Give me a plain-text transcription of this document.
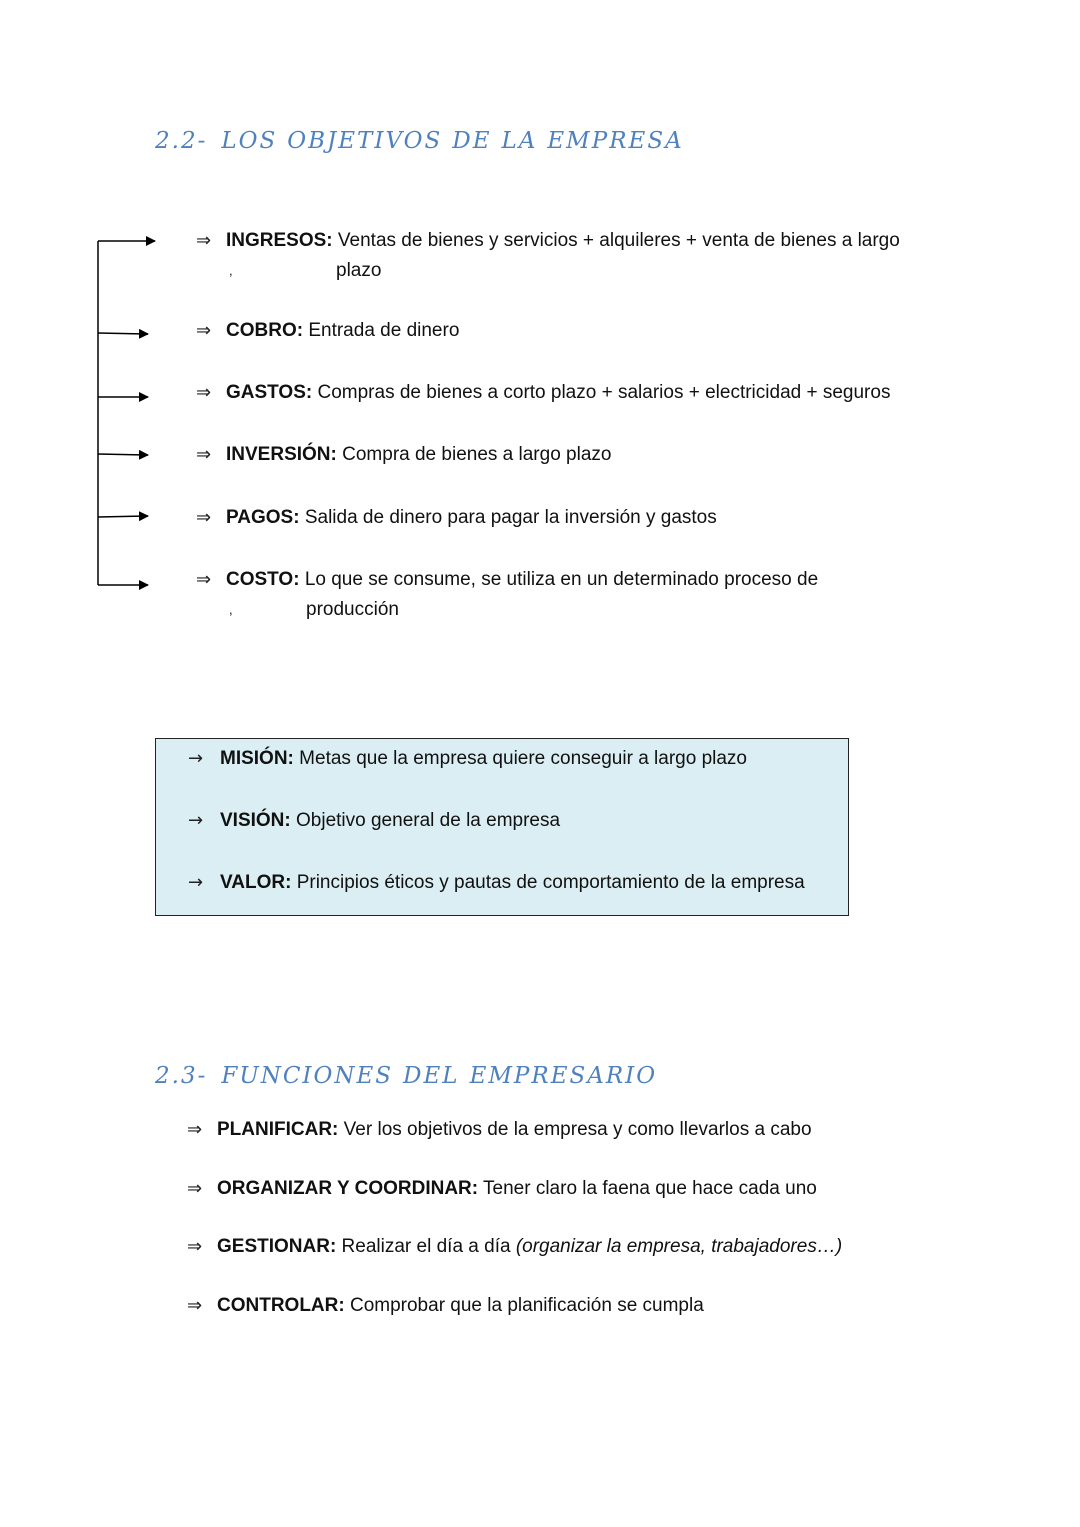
2.2- LOS OBJETIVOS DE LA EMPRESA
⇒ INGRESOS: Ventas de bienes y servicios + alquileres + venta de bienes a largo
,	plazo
⇒ COBRO: Entrada de dinero
⇒ GASTOS: Compras de bienes a corto plazo + salarios + electricidad + seguros
⇒ INVERSIÓN: Compra de bienes a largo plazo
⇒ PAGOS: Salida de dinero para pagar la inversión y gastos
⇒ COSTO: Lo que se consume, se utiliza en un determinado proceso de
,	producción
→ MISIÓN: Metas que la empresa quiere conseguir a largo plazo
→ VISIÓN: Objetivo general de la empresa
→ VALOR: Principios éticos y pautas de comportamiento de la empresa
2.3- FUNCIONES DEL EMPRESARIO
⇒ PLANIFICAR: Ver los objetivos de la empresa y como llevarlos a cabo
⇒ ORGANIZAR Y COORDINAR: Tener claro la faena que hace cada uno
⇒ GESTIONAR: Realizar el día a día (organizar la empresa, trabajadores…)
⇒ CONTROLAR: Comprobar que la planificación se cumpla
